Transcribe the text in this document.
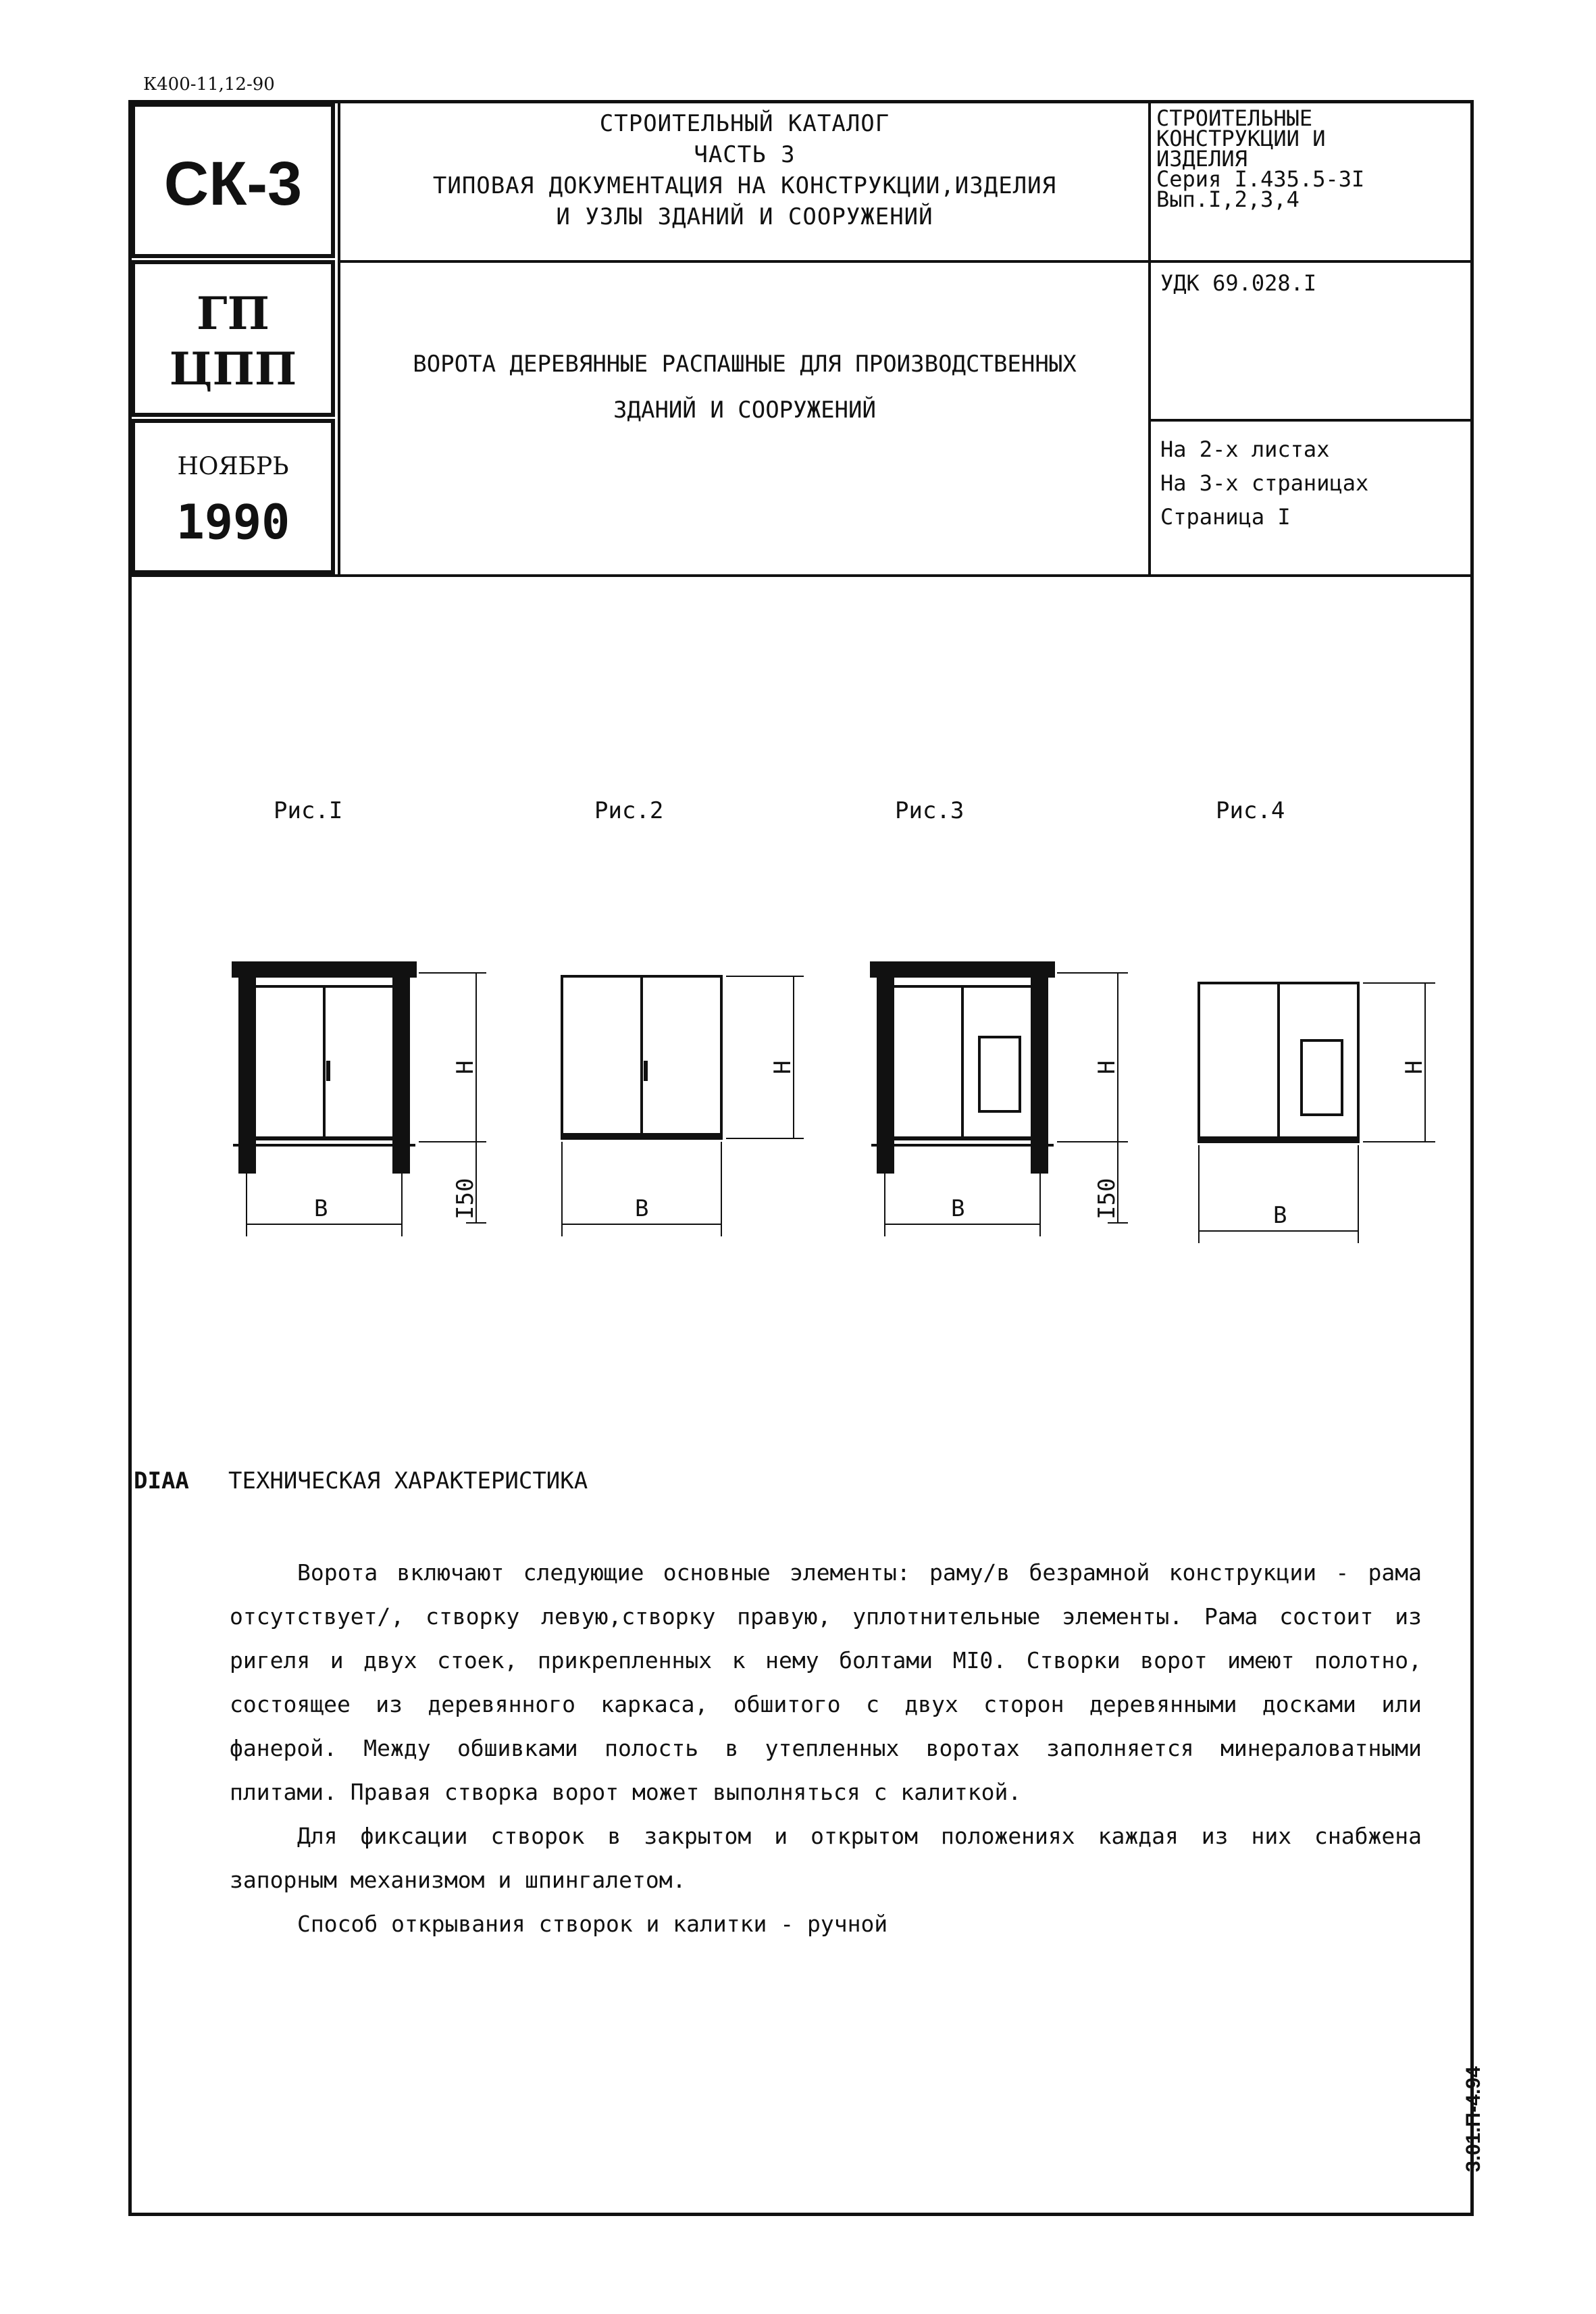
К400-11,12-90
СК-3
ГП
ЦПП
НОЯБРЬ
1990
СТРОИТЕЛЬНЫЙ КАТАЛОГ
ЧАСТЬ 3
ТИПОВАЯ ДОКУМЕНТАЦИЯ НА КОНСТРУКЦИИ,ИЗДЕЛИЯ
И УЗЛЫ ЗДАНИЙ И СООРУЖЕНИЙ
СТРОИТЕЛЬНЫЕ
КОНСТРУКЦИИ И
ИЗДЕЛИЯ
Серия I.435.5-3I
Вып.I,2,3,4
ВОРОТА ДЕРЕВЯННЫЕ РАСПАШНЫЕ ДЛЯ ПРОИЗВОДСТВЕННЫХ
ЗДАНИЙ И СООРУЖЕНИЙ
УДК 69.028.I
На 2-х листах
На 3-х страницах
Страница I
Рис.I	Рис.2	Рис.3	Рис.4
B	B	B	B
H	H	H	H
I50	I50
DIAA ТЕХНИЧЕСКАЯ ХАРАКТЕРИСТИКА
Ворота включают следующие основные элементы: раму/в безрамной конструкции - рама отсутствует/, створку левую,створку правую, уплотнительные элементы. Рама состоит из ригеля и двух стоек, прикрепленных к нему болтами МI0. Створки ворот имеют полотно, состоящее из деревянного каркаса, обшитого с двух сторон деревянными досками или фанерой. Между обшивками полость в утепленных воротах заполняется минераловатными плитами. Правая створка ворот может выполняться с калиткой.
Для фиксации створок в закрытом и открытом положениях каждая из них снабжена запорным механизмом и шпингалетом.
Способ открывания створок и калитки - ручной
3.01.П-4.94
